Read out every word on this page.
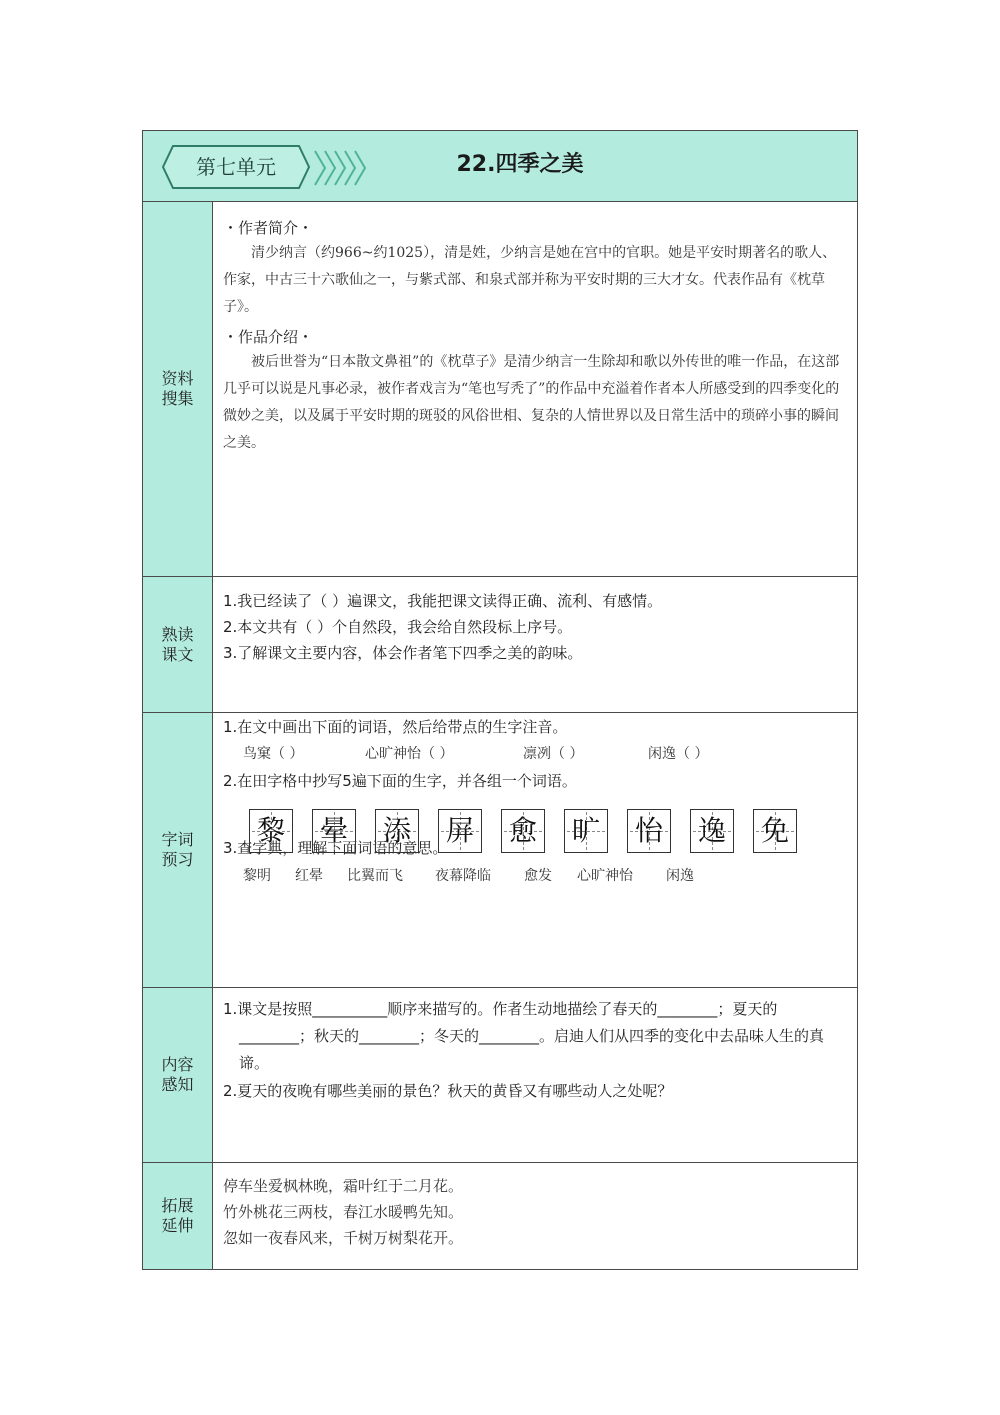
第七单元	22.四季之美
资料搜集
・作者简介・
清少纳言（约966~约1025），清是姓，少纳言是她在宫中的官职。她是平安时期著名的歌人、作家，中古三十六歌仙之一，与紫式部、和泉式部并称为平安时期的三大才女。代表作品有《枕草子》。
・作品介绍・
被后世誉为“日本散文鼻祖”的《枕草子》是清少纳言一生除却和歌以外传世的唯一作品，在这部几乎可以说是凡事必录，被作者戏言为“笔也写秃了”的作品中充溢着作者本人所感受到的四季变化的微妙之美，以及属于平安时期的斑驳的风俗世相、复杂的人情世界以及日常生活中的琐碎小事的瞬间之美。
熟读课文
1.我已经读了（ ）遍课文，我能把课文读得正确、流利、有感情。
2.本文共有（ ）个自然段，我会给自然段标上序号。
3.了解课文主要内容，体会作者笔下四季之美的韵味。
字词预习
1.在文中画出下面的词语，然后给带点的生字注音。
鸟窠（ ）	心旷神怡（ ）	凛冽（ ）	闲逸（ ）
2.在田字格中抄写5遍下面的生字，并各组一个词语。
3.查字典，理解下面词语的意思。
黎 晕 添 屏 愈 旷 怡 逸 免
黎明 红晕 比翼而飞 夜幕降临 愈发 心旷神怡 闲逸
内容感知
1.课文是按照__________顺序来描写的。作者生动地描绘了春天的________；夏天的________；秋天的________；冬天的________。启迪人们从四季的变化中去品味人生的真谛。
2.夏天的夜晚有哪些美丽的景色？秋天的黄昏又有哪些动人之处呢？
拓展延伸
停车坐爱枫林晚，霜叶红于二月花。
竹外桃花三两枝，春江水暖鸭先知。
忽如一夜春风来，千树万树梨花开。
